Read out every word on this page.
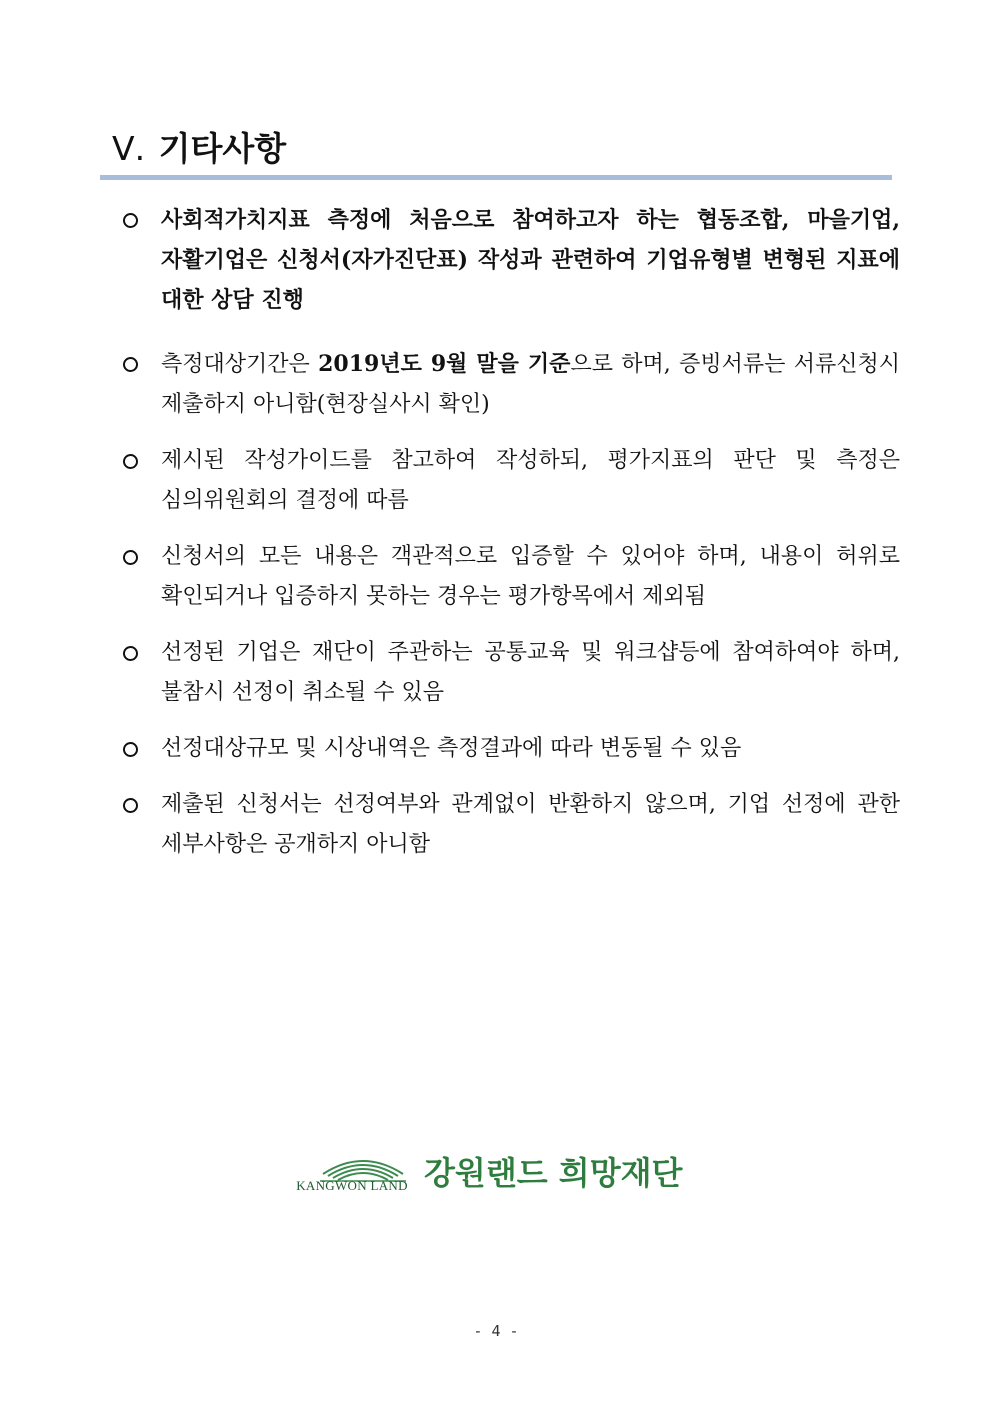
Ⅴ. 기타사항
사회적가치지표 측정에 처음으로 참여하고자 하는 협동조합, 마을기업, 자활기업은 신청서(자가진단표) 작성과 관련하여 기업유형별 변형된 지표에 대한 상담 진행
측정대상기간은 2019년도 9월 말을 기준으로 하며, 증빙서류는 서류신청시 제출하지 아니함(현장실사시 확인)
제시된 작성가이드를 참고하여 작성하되, 평가지표의 판단 및 측정은 심의위원회의 결정에 따름
신청서의 모든 내용은 객관적으로 입증할 수 있어야 하며, 내용이 허위로 확인되거나 입증하지 못하는 경우는 평가항목에서 제외됨
선정된 기업은 재단이 주관하는 공통교육 및 워크샵등에 참여하여야 하며, 불참시 선정이 취소될 수 있음
선정대상규모 및 시상내역은 측정결과에 따라 변동될 수 있음
제출된 신청서는 선정여부와 관계없이 반환하지 않으며, 기업 선정에 관한 세부사항은 공개하지 아니함
KANGWON LAND 강원랜드 희망재단
- 4 -
